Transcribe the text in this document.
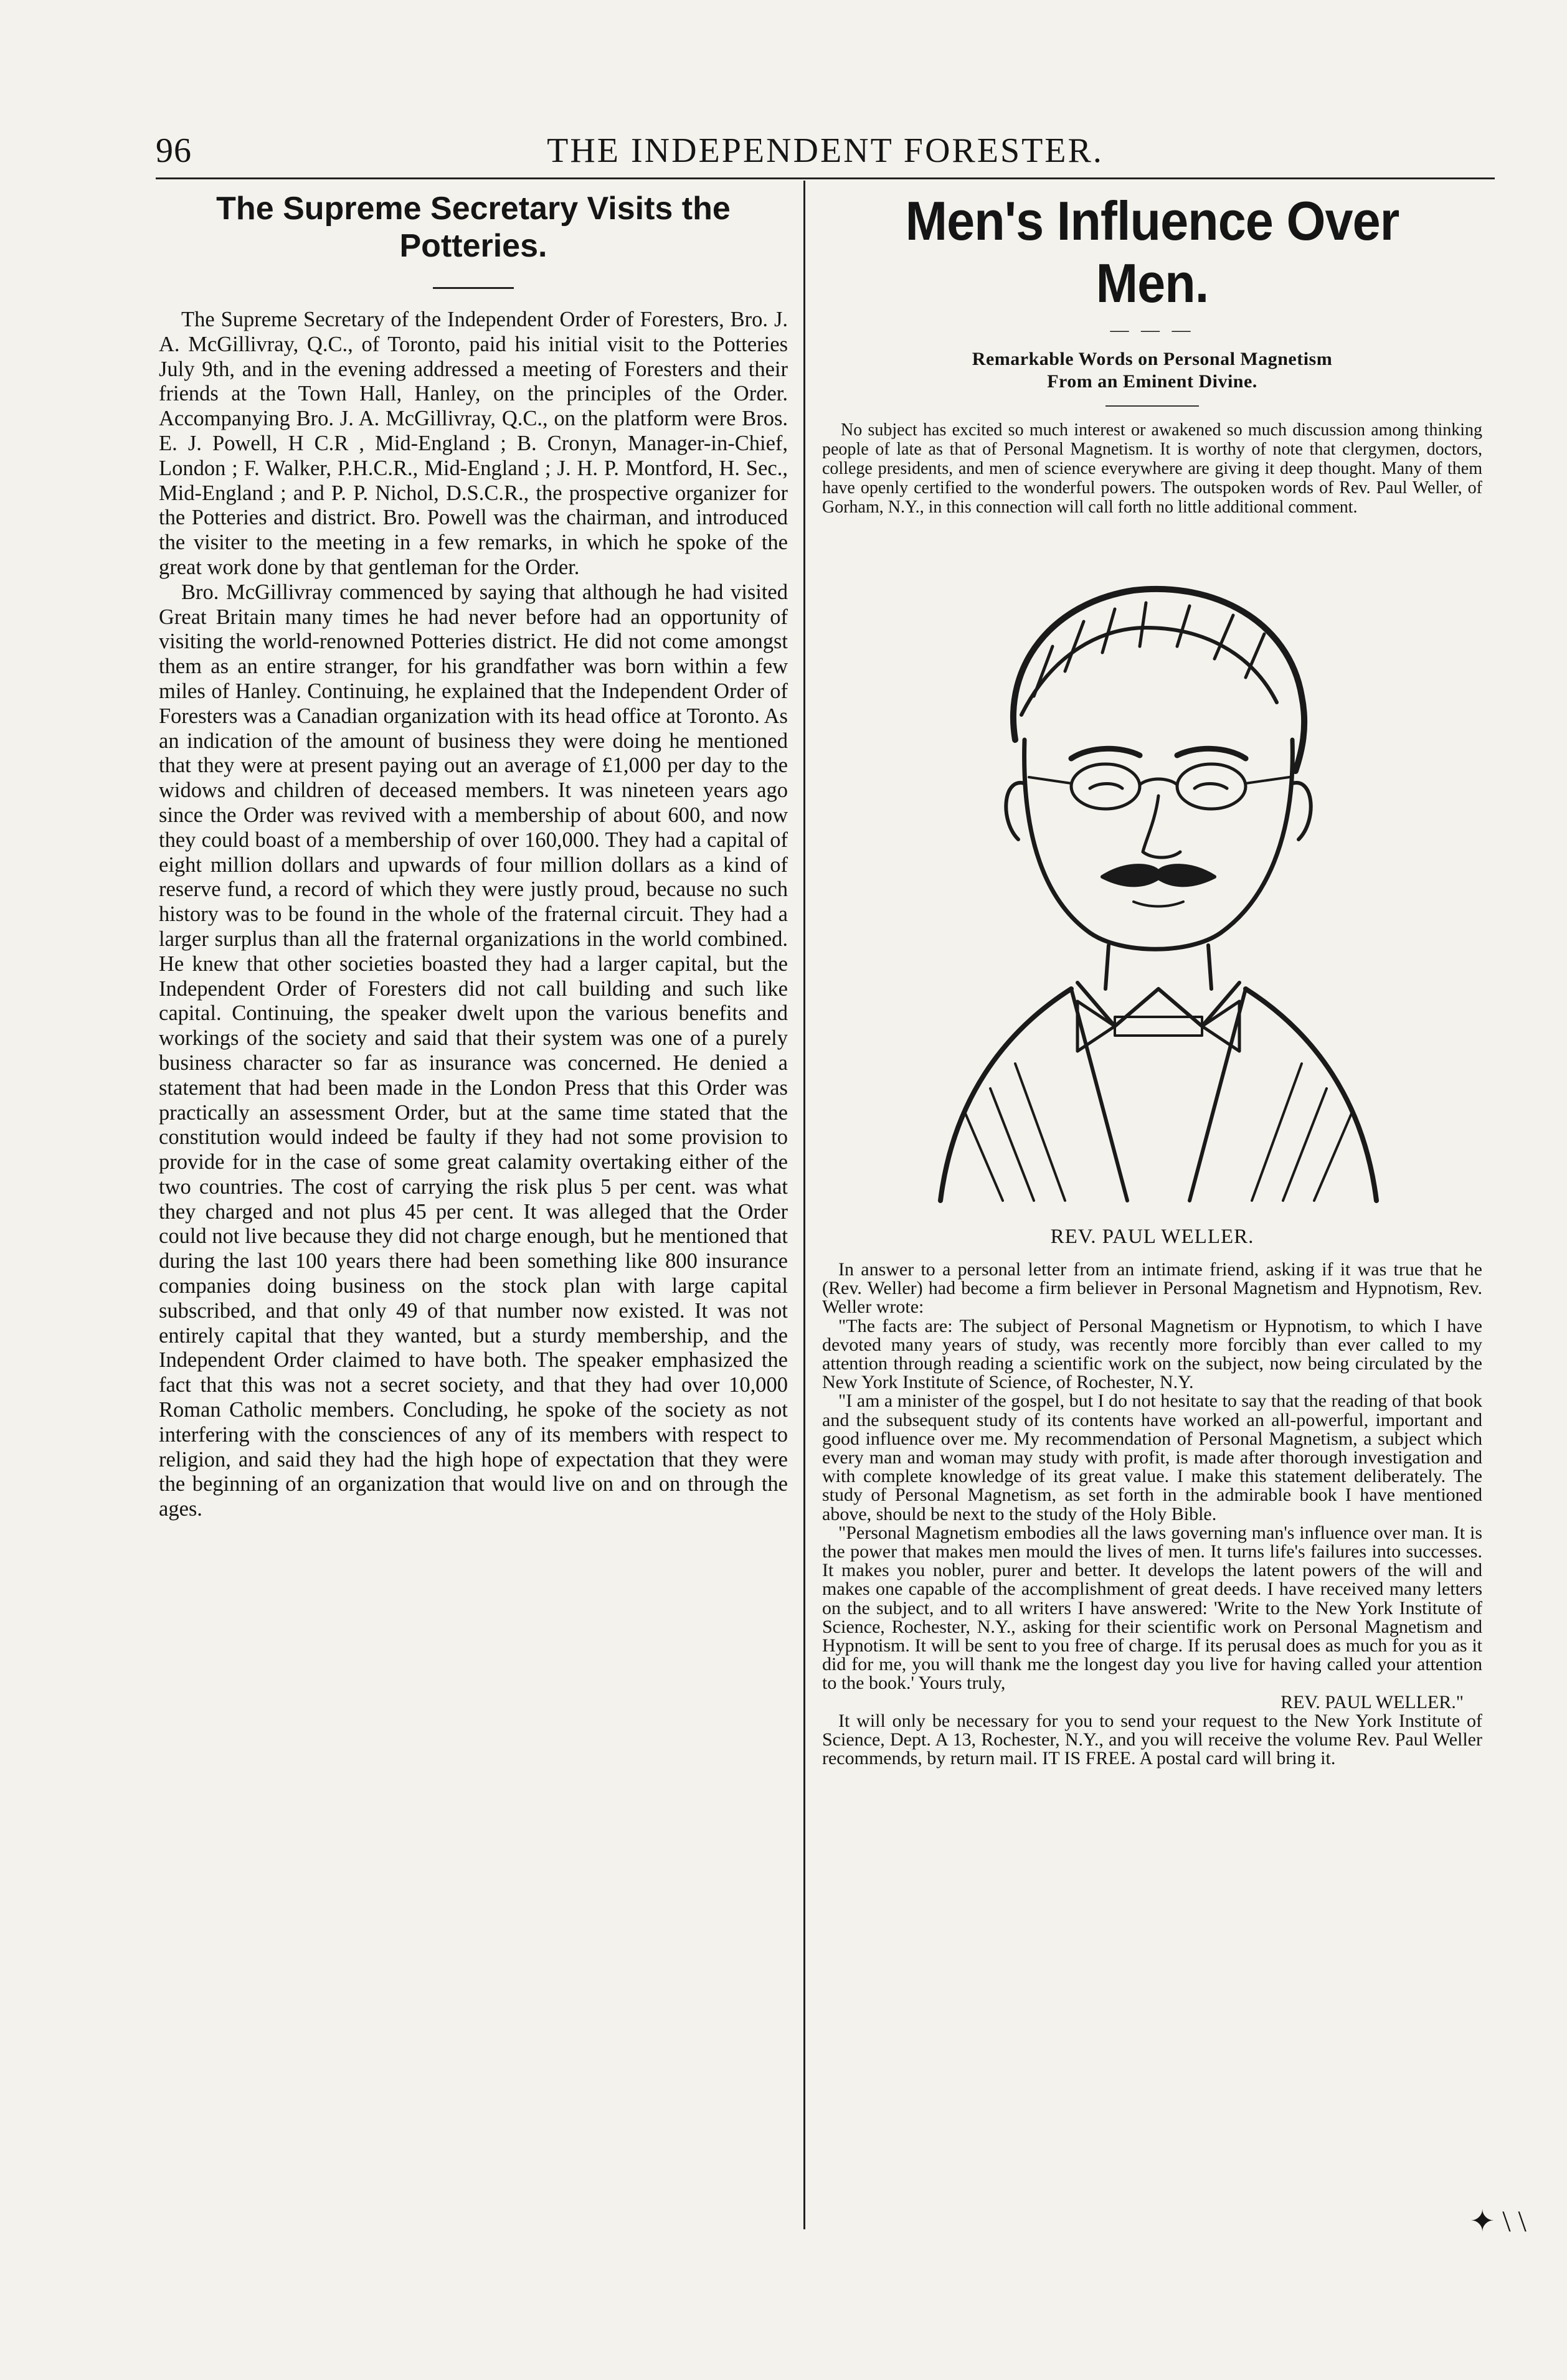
96	THE INDEPENDENT FORESTER.
The Supreme Secretary Visits the
Potteries.

The Supreme Secretary of the Independent Order of Foresters, Bro. J. A. McGillivray, Q.C., of Toronto, paid his initial visit to the Potteries July 9th, and in the evening addressed a meeting of Foresters and their friends at the Town Hall, Hanley, on the principles of the Order. Accompanying Bro. J. A. McGillivray, Q.C., on the platform were Bros. E. J. Powell, H C.R , Mid-England ; B. Cronyn, Manager-in-Chief, London ; F. Walker, P.H.C.R., Mid-England ; J. H. P. Montford, H. Sec., Mid-England ; and P. P. Nichol, D.S.C.R., the prospective organizer for the Potteries and district. Bro. Powell was the chairman, and introduced the visiter to the meeting in a few remarks, in which he spoke of the great work done by that gentleman for the Order.

Bro. McGillivray commenced by saying that although he had visited Great Britain many times he had never before had an opportunity of visiting the world-renowned Potteries district. He did not come amongst them as an entire stranger, for his grandfather was born within a few miles of Hanley. Continuing, he explained that the Independent Order of Foresters was a Canadian organization with its head office at Toronto. As an indication of the amount of business they were doing he mentioned that they were at present paying out an average of £1,000 per day to the widows and children of deceased members. It was nineteen years ago since the Order was revived with a membership of about 600, and now they could boast of a membership of over 160,000. They had a capital of eight million dollars and upwards of four million dollars as a kind of reserve fund, a record of which they were justly proud, because no such history was to be found in the whole of the fraternal circuit. They had a larger surplus than all the fraternal organizations in the world combined. He knew that other societies boasted they had a larger capital, but the Independent Order of Foresters did not call building and such like capital. Continuing, the speaker dwelt upon the various benefits and workings of the society and said that their system was one of a purely business character so far as insurance was concerned. He denied a statement that had been made in the London Press that this Order was practically an assessment Order, but at the same time stated that the constitution would indeed be faulty if they had not some provision to provide for in the case of some great calamity overtaking either of the two countries. The cost of carrying the risk plus 5 per cent. was what they charged and not plus 45 per cent. It was alleged that the Order could not live because they did not charge enough, but he mentioned that during the last 100 years there had been something like 800 insurance companies doing business on the stock plan with large capital subscribed, and that only 49 of that number now existed. It was not entirely capital that they wanted, but a sturdy membership, and the Independent Order claimed to have both. The speaker emphasized the fact that this was not a secret society, and that they had over 10,000 Roman Catholic members. Concluding, he spoke of the society as not interfering with the consciences of any of its members with respect to religion, and said they had the high hope of expectation that they were the beginning of an organization that would live on and on through the ages.

Men's Influence Over Men.
— — —
Remarkable Words on Personal Magnetism
From an Eminent Divine.

No subject has excited so much interest or awakened so much discussion among thinking people of late as that of Personal Magnetism. It is worthy of note that clergymen, doctors, college presidents, and men of science everywhere are giving it deep thought. Many of them have openly certified to the wonderful powers. The outspoken words of Rev. Paul Weller, of Gorham, N.Y., in this connection will call forth no little additional comment.

REV. PAUL WELLER.

In answer to a personal letter from an intimate friend, asking if it was true that he (Rev. Weller) had become a firm believer in Personal Magnetism and Hypnotism, Rev. Weller wrote:

"The facts are: The subject of Personal Magnetism or Hypnotism, to which I have devoted many years of study, was recently more forcibly than ever called to my attention through reading a scientific work on the subject, now being circulated by the New York Institute of Science, of Rochester, N.Y.

"I am a minister of the gospel, but I do not hesitate to say that the reading of that book and the subsequent study of its contents have worked an all-powerful, important and good influence over me. My recommendation of Personal Magnetism, a subject which every man and woman may study with profit, is made after thorough investigation and with complete knowledge of its great value. I make this statement deliberately. The study of Personal Magnetism, as set forth in the admirable book I have mentioned above, should be next to the study of the Holy Bible.

"Personal Magnetism embodies all the laws governing man's influence over man. It is the power that makes men mould the lives of men. It turns life's failures into successes. It makes you nobler, purer and better. It develops the latent powers of the will and makes one capable of the accomplishment of great deeds. I have received many letters on the subject, and to all writers I have answered: 'Write to the New York Institute of Science, Rochester, N.Y., asking for their scientific work on Personal Magnetism and Hypnotism. It will be sent to you free of charge. If its perusal does as much for you as it did for me, you will thank me the longest day you live for having called your attention to the book.' Yours truly,

REV. PAUL WELLER."

It will only be necessary for you to send your request to the New York Institute of Science, Dept. A 13, Rochester, N.Y., and you will receive the volume Rev. Paul Weller recommends, by return mail. IT IS FREE. A postal card will bring it.

✦ \ \
